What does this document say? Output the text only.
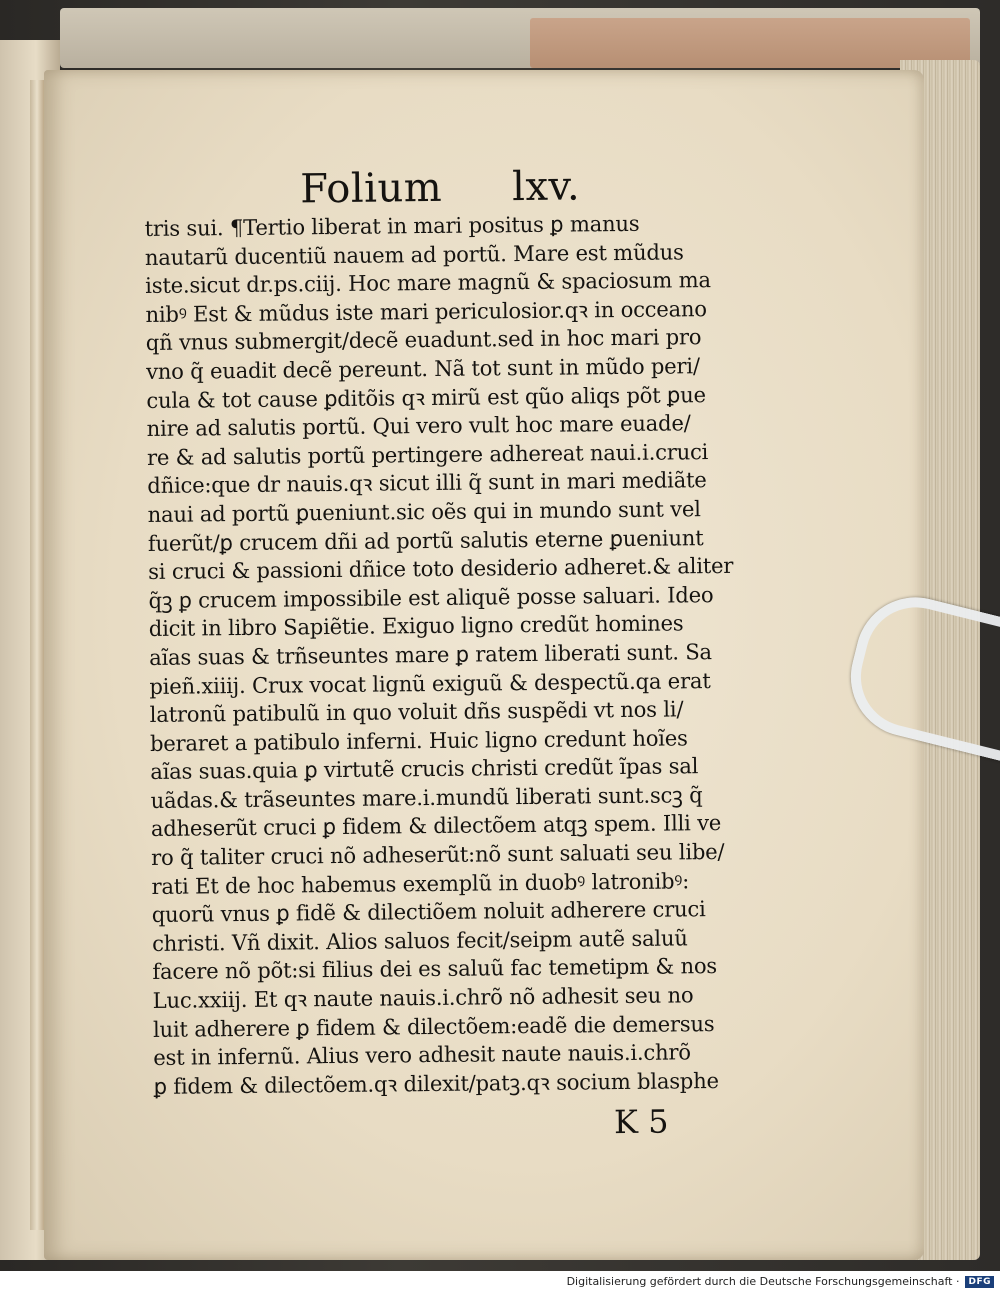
Folium lxv.
tris sui. ¶Tertio liberat in mari positus ꝑ manus
nautarũ ducentiũ nauem ad portũ. Mare est mũdus
iste.sicut dr.ps.ciij. Hoc mare magnũ & spaciosum ma
nibꝰ Est & mũdus iste mari periculosior.qꝛ in occeano
qñ vnus submergit/decẽ euadunt.sed in hoc mari pro
vno q̃ euadit decẽ pereunt. Nã tot sunt in mũdo peri/
cula & tot cause ꝑditõis qꝛ mirũ est qũo aliqs põt ꝑue
nire ad salutis portũ. Qui vero vult hoc mare euade/
re & ad salutis portũ pertingere adhereat naui.i.cruci
dñice:que dr nauis.qꝛ sicut illi q̃ sunt in mari mediãte
naui ad portũ ꝑueniunt.sic oẽs qui in mundo sunt vel
fuerũt/ꝑ crucem dñi ad portũ salutis eterne ꝑueniunt
si cruci & passioni dñice toto desiderio adheret.& aliter
q̃ꝫ ꝑ crucem impossibile est aliquẽ posse saluari. Ideo
dicit in libro Sapiẽtie. Exiguo ligno credũt homines
aĩas suas & trñseuntes mare ꝑ ratem liberati sunt. Sa
pieñ.xiiij. Crux vocat lignũ exiguũ & despectũ.qa erat
latronũ patibulũ in quo voluit dñs suspẽdi vt nos li/
beraret a patibulo inferni. Huic ligno credunt hoĩes
aĩas suas.quia ꝑ virtutẽ crucis christi credũt ĩpas sal
uãdas.& trãseuntes mare.i.mundũ liberati sunt.scꝫ q̃
adheserũt cruci ꝑ fidem & dilectõem atqꝫ spem. Illi ve
ro q̃ taliter cruci nõ adheserũt:nõ sunt saluati seu libe/
rati Et de hoc habemus exemplũ in duobꝰ latronibꝰ:
quorũ vnus ꝑ fidẽ & dilectiõem noluit adherere cruci
christi. Vñ dixit. Alios saluos fecit/seipm autẽ saluũ
facere nõ põt:si filius dei es saluũ fac temetipm & nos
Luc.xxiij. Et qꝛ naute nauis.i.chrõ nõ adhesit seu no
luit adherere ꝑ fidem & dilectõem:eadẽ die demersus
est in infernũ. Alius vero adhesit naute nauis.i.chrõ
ꝑ fidem & dilectõem.qꝛ dilexit/patꝫ.qꝛ socium blasphe
K 5
Digitalisierung gefördert durch die Deutsche Forschungsgemeinschaft ·	DFG
